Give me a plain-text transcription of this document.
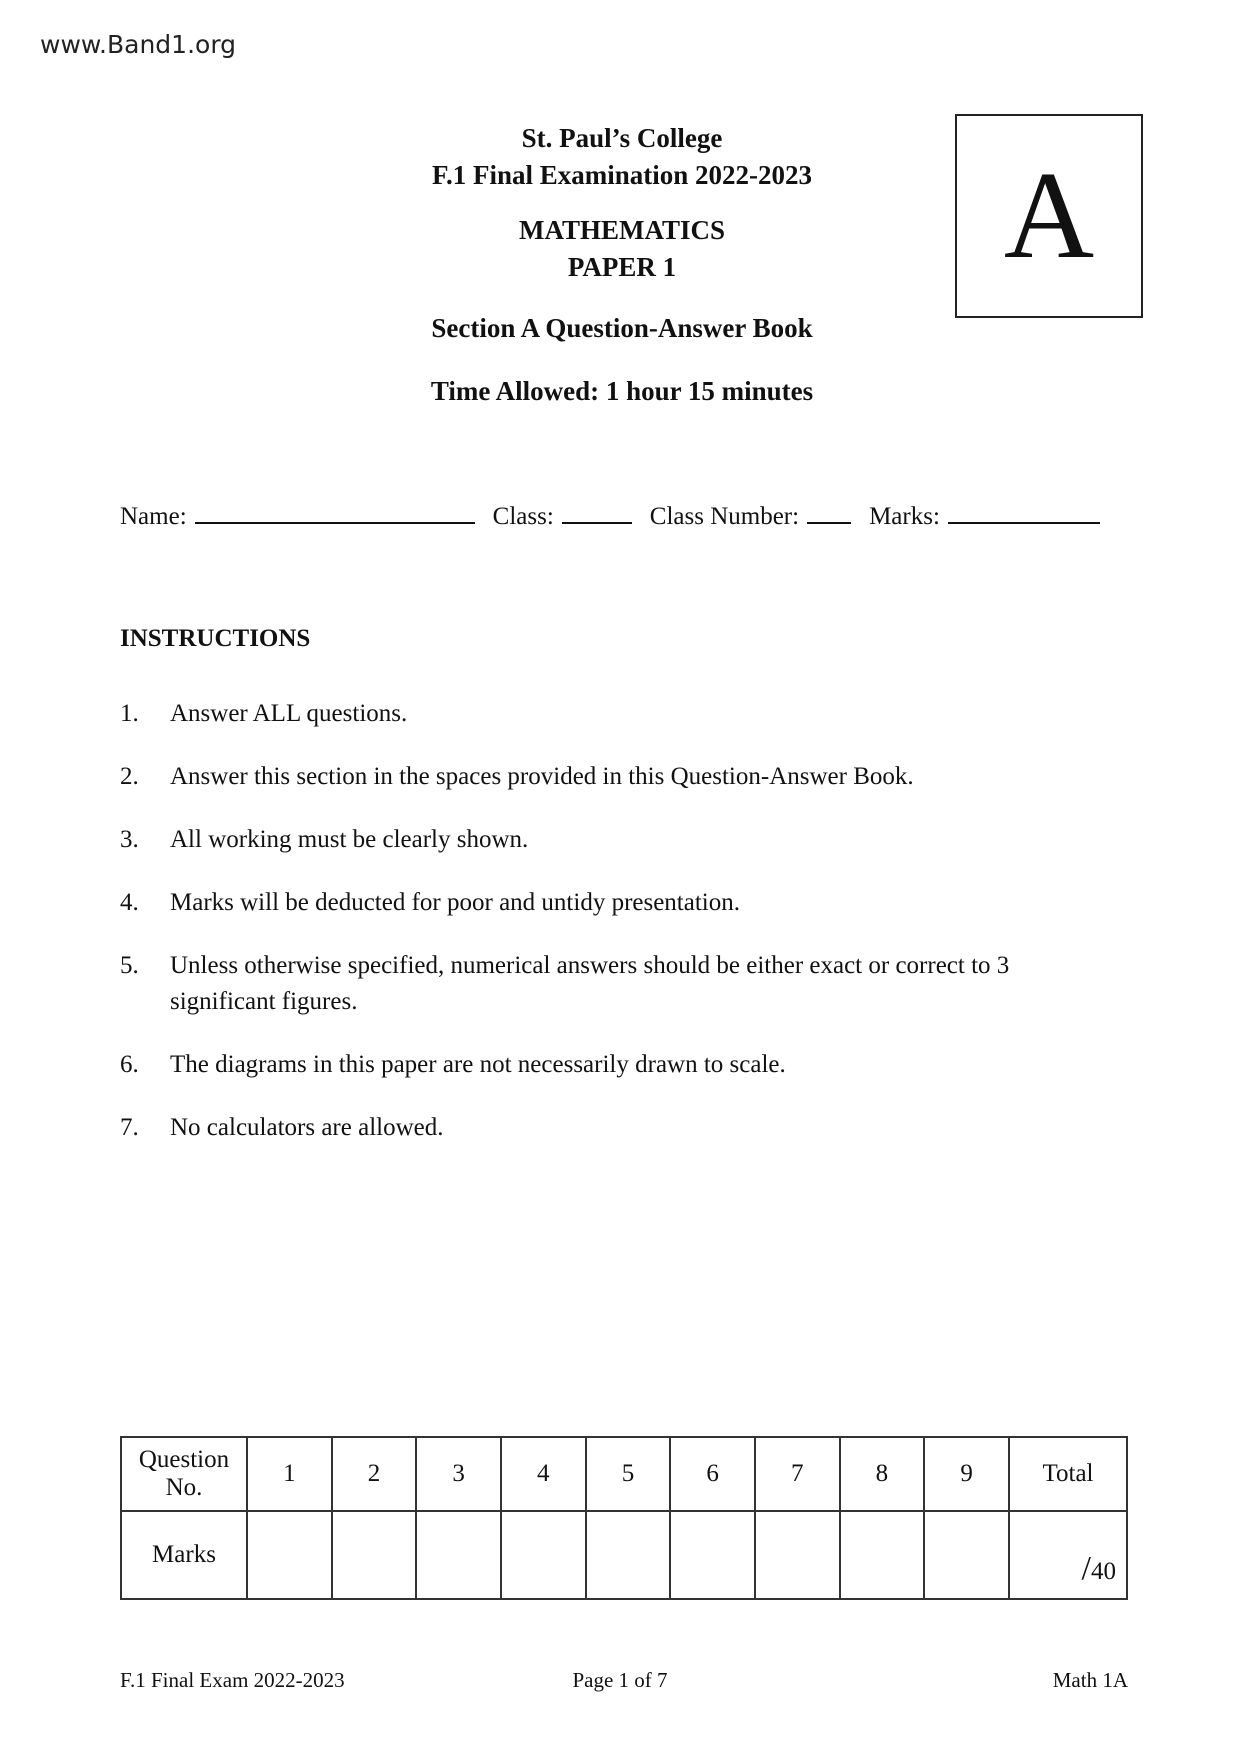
www.Band1.org
St. Paul’s College
F.1 Final Examination 2022-2023
MATHEMATICS
PAPER 1
Section A Question-Answer Book
Time Allowed: 1 hour 15 minutes
A
Name:	Class:	Class Number:	Marks:
INSTRUCTIONS
1.	Answer ALL questions.
2.	Answer this section in the spaces provided in this Question-Answer Book.
3.	All working must be clearly shown.
4.	Marks will be deducted for poor and untidy presentation.
5.	Unless otherwise specified, numerical answers should be either exact or correct to 3 significant figures.
6.	The diagrams in this paper are not necessarily drawn to scale.
7.	No calculators are allowed.
Question No.	1	2	3	4	5	6	7	8	9	Total
Marks										/40
F.1 Final Exam 2022-2023	Page 1 of 7	Math 1A
